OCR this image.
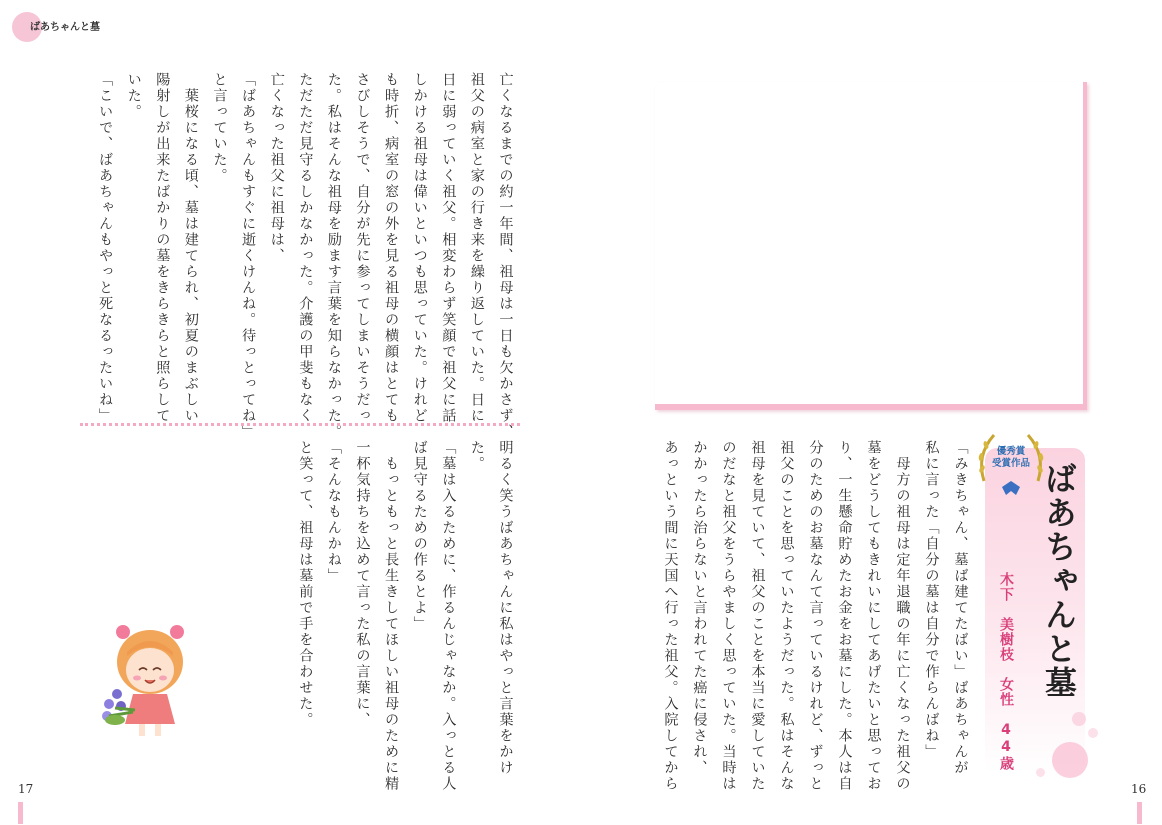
ばあちゃんと墓
亡くなるまでの約一年間、祖母は一日も欠かさず、
祖父の病室と家の行き来を繰り返していた。日に
日に弱っていく祖父。相変わらず笑顔で祖父に話
しかける祖母は偉いといつも思っていた。けれど
も時折、病室の窓の外を見る祖母の横顔はとても
さびしそうで、自分が先に参ってしまいそうだっ
た。私はそんな祖母を励ます言葉を知らなかった。
ただただ見守るしかなかった。介護の甲斐もなく
亡くなった祖父に祖母は、
「ばあちゃんもすぐに逝くけんね。待っとってね」
と言っていた。
　葉桜になる頃、墓は建てられ、初夏のまぶしい
陽射しが出来たばかりの墓をきらきらと照らして
いた。
「こいで、ばあちゃんもやっと死なるったいね」
明るく笑うばあちゃんに私はやっと言葉をかけ
た。
「墓は入るために、作るんじゃなか。入っとる人
ば見守るための作るとよ」
　もっともっと長生きしてほしい祖母のために精
一杯気持ちを込めて言った私の言葉に、
「そんなもんかね」
と笑って、祖母は墓前で手を合わせた。
17
「みきちゃん、墓ば建てたばい」ばあちゃんが
私に言った「自分の墓は自分で作らんばね」
　母方の祖母は定年退職の年に亡くなった祖父の
墓をどうしてもきれいにしてあげたいと思ってお
り、一生懸命貯めたお金をお墓にした。本人は自
分のためのお墓なんて言っているけれど、ずっと
祖父のことを思っていたようだった。私はそんな
祖母を見ていて、祖父のことを本当に愛していた
のだなと祖父をうらやましく思っていた。当時は
かかったら治らないと言われてた癌に侵され、
あっという間に天国へ行った祖父。入院してから	優秀賞
受賞作品 ばあちゃんと墓
木下　美樹枝　女性　44歳
16
